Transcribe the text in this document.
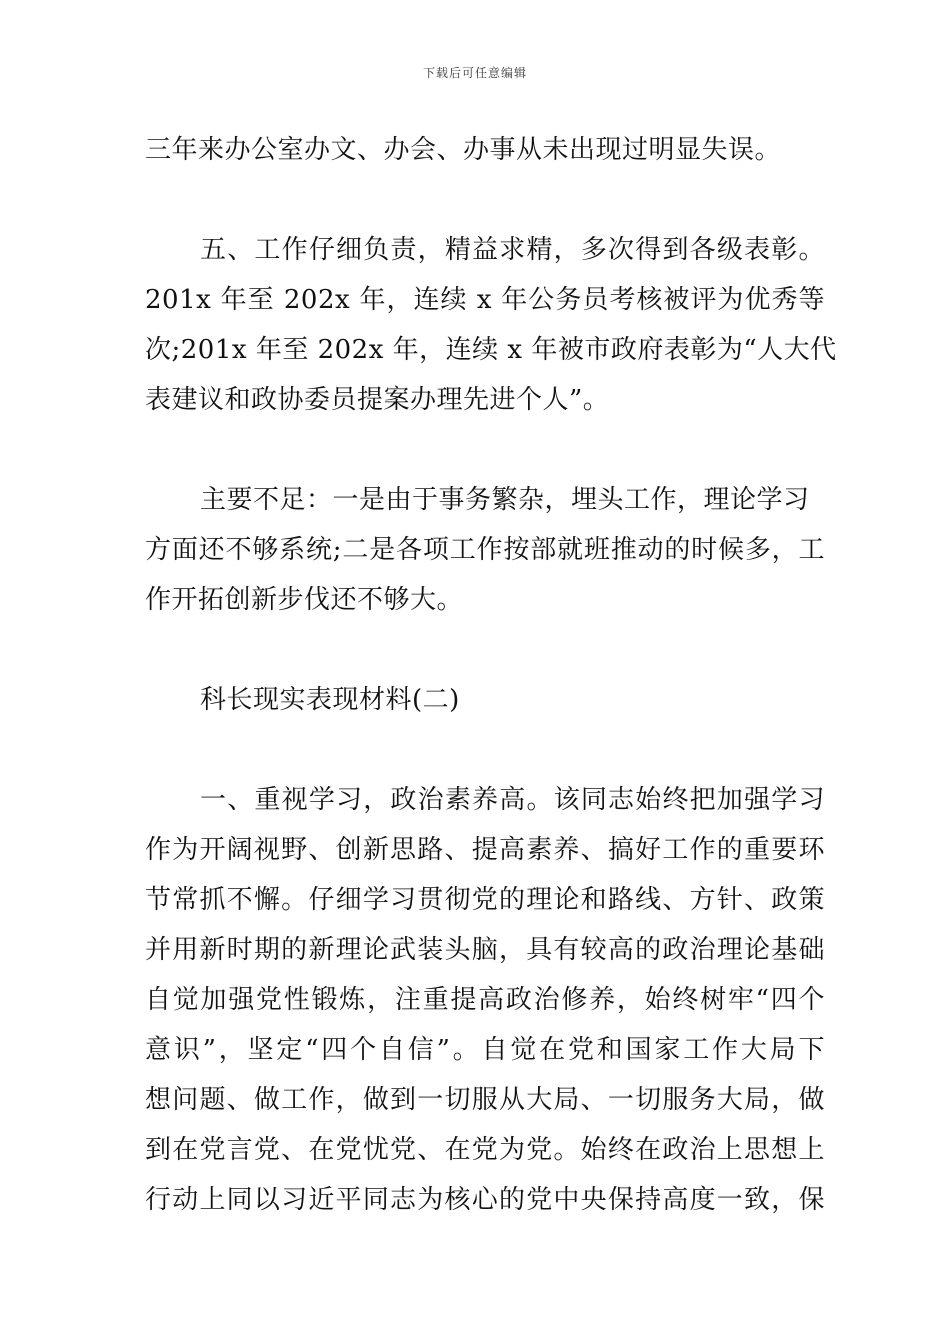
下载后可任意编辑
三年来办公室办文、办会、办事从未出现过明显失误。
五、工作仔细负责，精益求精，多次得到各级表彰。
201x 年至 202x 年，连续 x 年公务员考核被评为优秀等
次;201x 年至 202x 年，连续 x 年被市政府表彰为“人大代
表建议和政协委员提案办理先进个人”。
主要不足：一是由于事务繁杂，埋头工作，理论学习
方面还不够系统;二是各项工作按部就班推动的时候多，工
作开拓创新步伐还不够大。
科长现实表现材料(二)
一、重视学习，政治素养高。该同志始终把加强学习
作为开阔视野、创新思路、提高素养、搞好工作的重要环
节常抓不懈。仔细学习贯彻党的理论和路线、方针、政策
并用新时期的新理论武装头脑，具有较高的政治理论基础
自觉加强党性锻炼，注重提高政治修养，始终树牢“四个
意识”，坚定“四个自信”。自觉在党和国家工作大局下
想问题、做工作，做到一切服从大局、一切服务大局，做
到在党言党、在党忧党、在党为党。始终在政治上思想上
行动上同以习近平同志为核心的党中央保持高度一致，保
